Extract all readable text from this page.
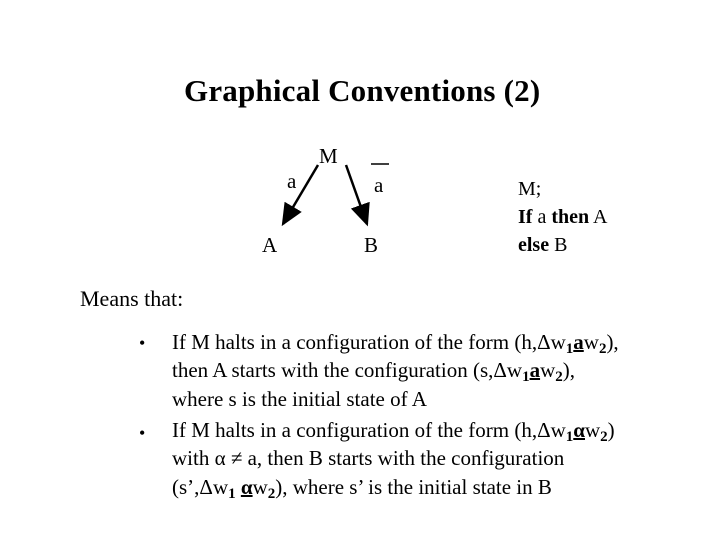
Graphical Conventions (2)
M
a	a
A	B
M;
If a then A
else B
Means that:
•
•
If M halts in a configuration of the form (h,Δw1aw2),
then A starts with the configuration (s,Δw1aw2),
where s is the initial state of A
If M halts in a configuration of the form (h,Δw1αw2)
with α ≠ a, then B starts with the configuration
(s’,Δw1 αw2), where s’ is the initial state in B
